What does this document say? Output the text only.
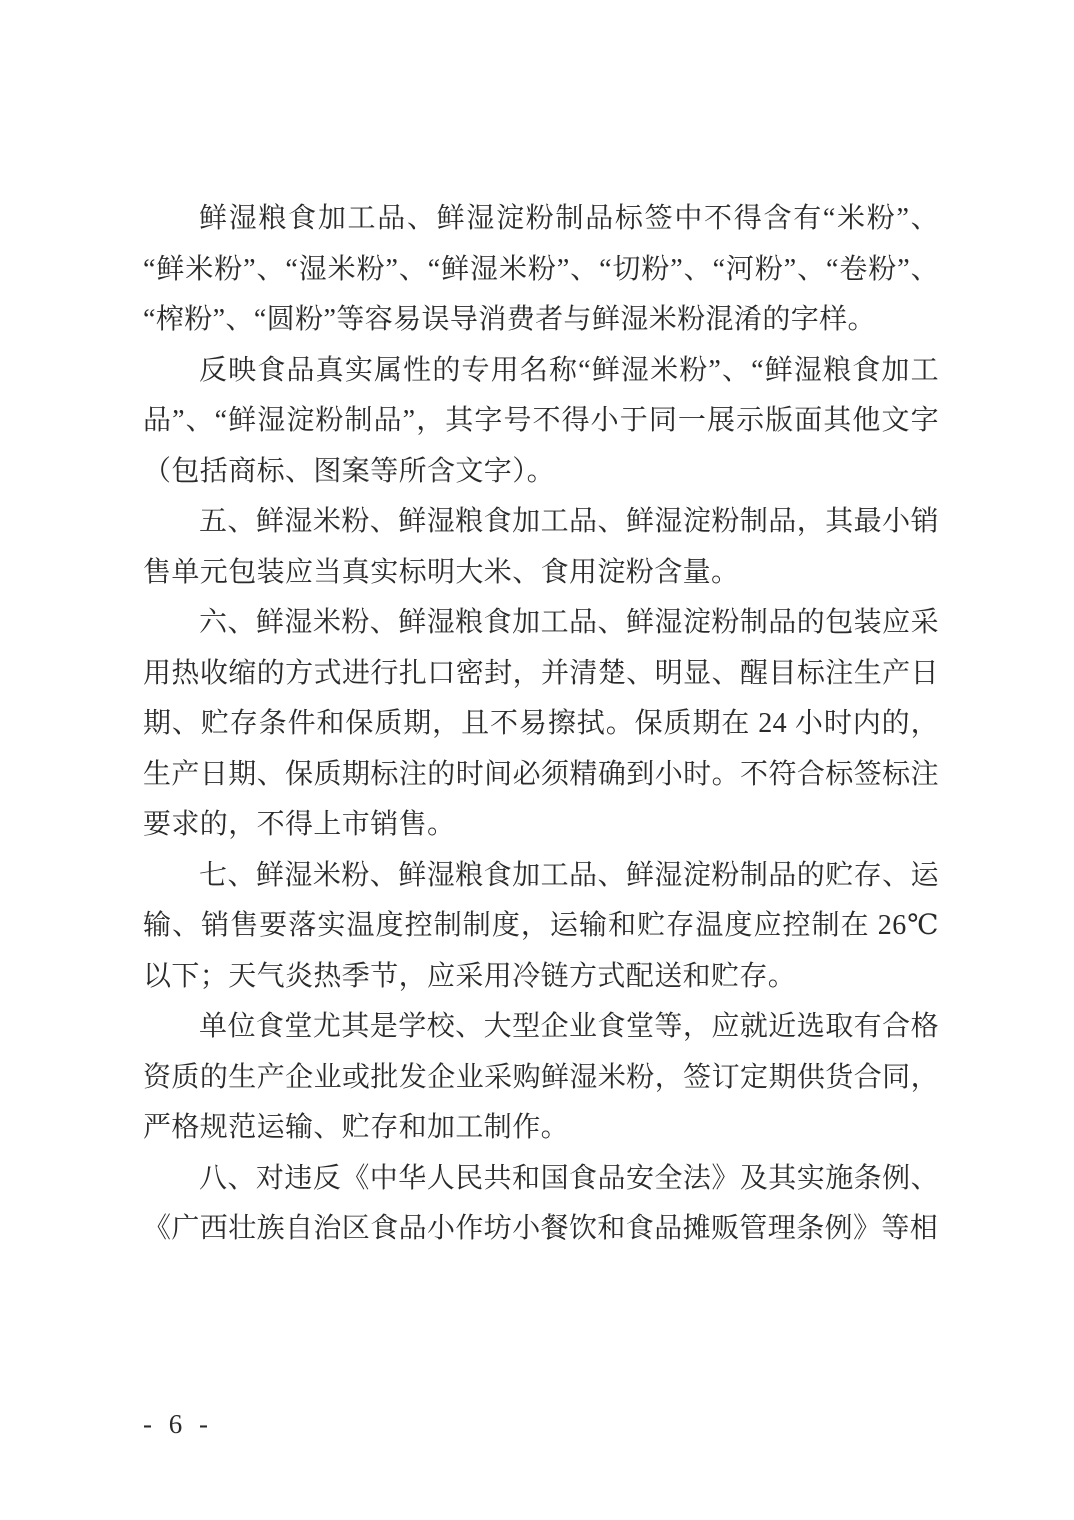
鲜湿粮食加工品、鲜湿淀粉制品标签中不得含有“米粉”、“鲜米粉”、“湿米粉”、“鲜湿米粉”、“切粉”、“河粉”、“卷粉”、“榨粉”、“圆粉”等容易误导消费者与鲜湿米粉混淆的字样。

反映食品真实属性的专用名称“鲜湿米粉”、“鲜湿粮食加工品”、“鲜湿淀粉制品”，其字号不得小于同一展示版面其他文字（包括商标、图案等所含文字）。

五、鲜湿米粉、鲜湿粮食加工品、鲜湿淀粉制品，其最小销售单元包装应当真实标明大米、食用淀粉含量。

六、鲜湿米粉、鲜湿粮食加工品、鲜湿淀粉制品的包装应采用热收缩的方式进行扎口密封，并清楚、明显、醒目标注生产日期、贮存条件和保质期，且不易擦拭。保质期在 24 小时内的，生产日期、保质期标注的时间必须精确到小时。不符合标签标注要求的，不得上市销售。

七、鲜湿米粉、鲜湿粮食加工品、鲜湿淀粉制品的贮存、运输、销售要落实温度控制制度，运输和贮存温度应控制在 26℃以下；天气炎热季节，应采用冷链方式配送和贮存。

单位食堂尤其是学校、大型企业食堂等，应就近选取有合格资质的生产企业或批发企业采购鲜湿米粉，签订定期供货合同，严格规范运输、贮存和加工制作。

八、对违反《中华人民共和国食品安全法》及其实施条例、《广西壮族自治区食品小作坊小餐饮和食品摊贩管理条例》等相

- 6 -
